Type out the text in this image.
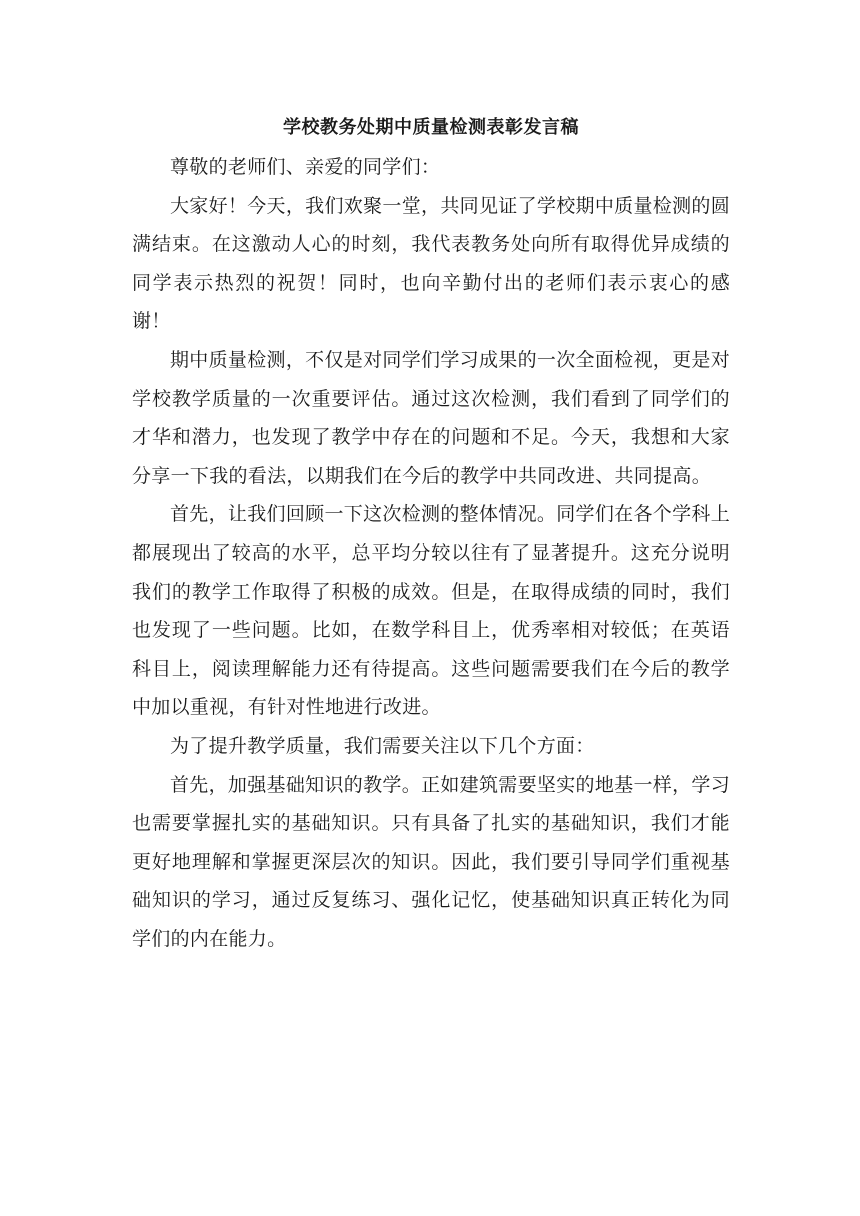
学校教务处期中质量检测表彰发言稿

尊敬的老师们、亲爱的同学们：

大家好！今天，我们欢聚一堂，共同见证了学校期中质量检测的圆满结束。在这激动人心的时刻，我代表教务处向所有取得优异成绩的同学表示热烈的祝贺！同时，也向辛勤付出的老师们表示衷心的感谢！

期中质量检测，不仅是对同学们学习成果的一次全面检视，更是对学校教学质量的一次重要评估。通过这次检测，我们看到了同学们的才华和潜力，也发现了教学中存在的问题和不足。今天，我想和大家分享一下我的看法，以期我们在今后的教学中共同改进、共同提高。

首先，让我们回顾一下这次检测的整体情况。同学们在各个学科上都展现出了较高的水平，总平均分较以往有了显著提升。这充分说明我们的教学工作取得了积极的成效。但是，在取得成绩的同时，我们也发现了一些问题。比如，在数学科目上，优秀率相对较低；在英语科目上，阅读理解能力还有待提高。这些问题需要我们在今后的教学中加以重视，有针对性地进行改进。

为了提升教学质量，我们需要关注以下几个方面：

首先，加强基础知识的教学。正如建筑需要坚实的地基一样，学习也需要掌握扎实的基础知识。只有具备了扎实的基础知识，我们才能更好地理解和掌握更深层次的知识。因此，我们要引导同学们重视基础知识的学习，通过反复练习、强化记忆，使基础知识真正转化为同学们的内在能力。
